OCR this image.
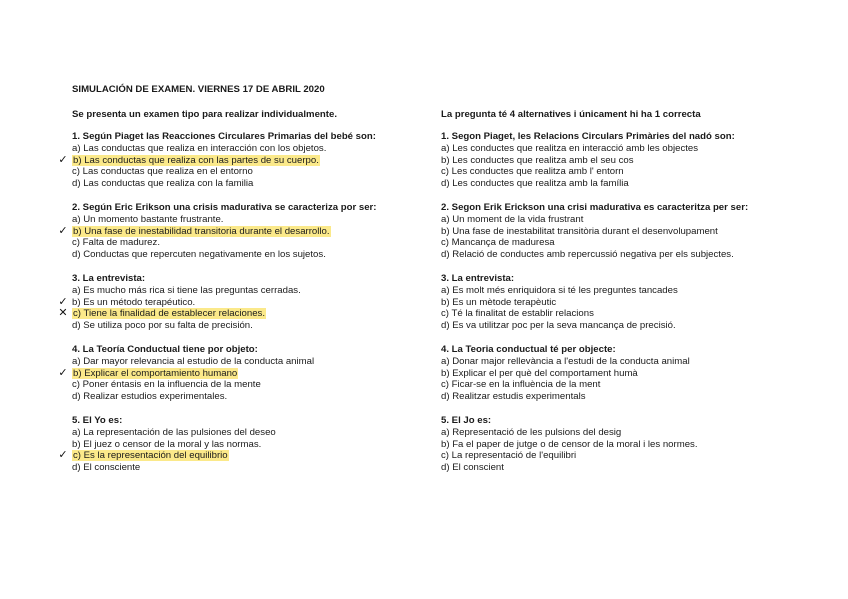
SIMULACIÓN DE EXAMEN. VIERNES 17 DE ABRIL 2020
Se presenta un examen tipo para realizar individualmente.
1. Según Piaget las Reacciones Circulares Primarias del bebé son:
a) Las conductas que realiza en interacción con los objetos.
✓ b) Las conductas que realiza con las partes de su cuerpo.
c) Las conductas que realiza en el entorno
d) Las conductas que realiza con la familia
2. Según Eric Erikson una crisis madurativa se caracteriza por ser:
a) Un momento bastante frustrante.
✓ b) Una fase de inestabilidad transitoria durante el desarrollo.
c) Falta de madurez.
d) Conductas que repercuten negativamente en los sujetos.
3. La entrevista:
a) Es mucho más rica si tiene las preguntas cerradas.
✓ b) Es un método terapéutico.
✕ c) Tiene la finalidad de establecer relaciones.
d) Se utiliza poco por su falta de precisión.
4. La Teoría Conductual tiene por objeto:
a) Dar mayor relevancia al estudio de la conducta animal
✓ b) Explicar el comportamiento humano
c) Poner éntasis en la influencia de la mente
d) Realizar estudios experimentales.
5. El Yo es:
a) La representación de las pulsiones del deseo
b) El juez o censor de la moral y las normas.
✓ c) Es la representación del equilibrio
d) El consciente
La pregunta té 4 alternatives i únicament hi ha 1 correcta
1. Segon Piaget, les Relacions Circulars Primàries del nadó son:
a) Les conductes que realitza en interacció amb les objectes
b) Les conductes que realitza amb el seu cos
c) Les conductes que realitza amb l' entorn
d) Les conductes que realitza amb la família
2. Segon Erik Erickson una crisi madurativa es caracteritza per ser:
a) Un moment de la vida frustrant
b) Una fase de inestabilitat transitòria durant el desenvolupament
c) Mancança de maduresa
d) Relació de conductes amb repercussió negativa per els subjectes.
3. La entrevista:
a) Es molt més enriquidora si té les preguntes tancades
b) Es un mètode terapèutic
c) Té la finalitat de establir relacions
d) Es va utilitzar poc per la seva mancança de precisió.
4. La Teoria conductual té per objecte:
a) Donar major rellevància a l'estudi de la conducta animal
b) Explicar el per què del comportament humà
c) Ficar-se en la influència de la ment
d) Realitzar estudis experimentals
5. El Jo es:
a) Representació de les pulsions del desig
b) Fa el paper de jutge o de censor de la moral i les normes.
c) La representació de l'equilibri
d) El conscient
